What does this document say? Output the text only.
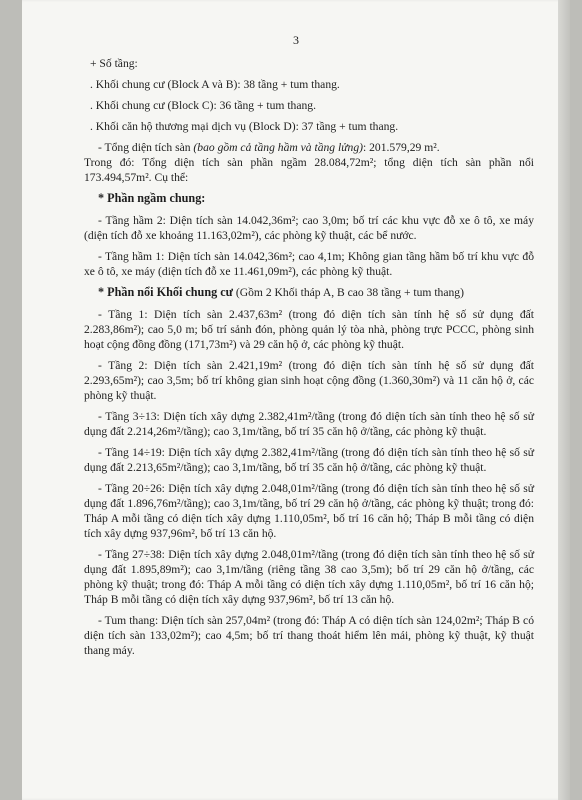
3

+ Số tầng:

. Khối chung cư (Block A và B): 38 tầng + tum thang.

. Khối chung cư (Block C): 36 tầng + tum thang.

. Khối căn hộ thương mại dịch vụ (Block D): 37 tầng + tum thang.

- Tổng diện tích sàn (bao gồm cả tầng hầm và tầng lửng): 201.579,29 m².

Trong đó: Tổng diện tích sàn phần ngầm 28.084,72m²; tổng diện tích sàn phần nổi 173.494,57m². Cụ thể:

* Phần ngầm chung:

- Tầng hầm 2: Diện tích sàn 14.042,36m²; cao 3,0m; bố trí các khu vực đỗ xe ô tô, xe máy (diện tích đỗ xe khoảng 11.163,02m²), các phòng kỹ thuật, các bể nước.

- Tầng hầm 1: Diện tích sàn 14.042,36m²; cao 4,1m; Không gian tầng hầm bố trí khu vực đỗ xe ô tô, xe máy (diện tích đỗ xe 11.461,09m²), các phòng kỹ thuật.

* Phần nổi Khối chung cư (Gồm 2 Khối tháp A, B cao 38 tầng + tum thang)

- Tầng 1: Diện tích sàn 2.437,63m² (trong đó diện tích sàn tính hệ số sử dụng đất 2.283,86m²); cao 5,0 m; bố trí sảnh đón, phòng quản lý tòa nhà, phòng trực PCCC, phòng sinh hoạt cộng đồng đồng (171,73m²) và 29 căn hộ ở, các phòng kỹ thuật.

- Tầng 2: Diện tích sàn 2.421,19m² (trong đó diện tích sàn tính hệ số sử dụng đất 2.293,65m²); cao 3,5m; bố trí không gian sinh hoạt cộng đồng (1.360,30m²) và 11 căn hộ ở, các phòng kỹ thuật.

- Tầng 3÷13: Diện tích xây dựng 2.382,41m²/tầng (trong đó diện tích sàn tính theo hệ số sử dụng đất 2.214,26m²/tầng); cao 3,1m/tầng, bố trí 35 căn hộ ở/tầng, các phòng kỹ thuật.

- Tầng 14÷19: Diện tích xây dựng 2.382,41m²/tầng (trong đó diện tích sàn tính theo hệ số sử dụng đất 2.213,65m²/tầng); cao 3,1m/tầng, bố trí 35 căn hộ ở/tầng, các phòng kỹ thuật.

- Tầng 20÷26: Diện tích xây dựng 2.048,01m²/tầng (trong đó diện tích sàn tính theo hệ số sử dụng đất 1.896,76m²/tầng); cao 3,1m/tầng, bố trí 29 căn hộ ở/tầng, các phòng kỹ thuật; trong đó: Tháp A mỗi tầng có diện tích xây dựng 1.110,05m², bố trí 16 căn hộ; Tháp B mỗi tầng có diện tích xây dựng 937,96m², bố trí 13 căn hộ.

- Tầng 27÷38: Diện tích xây dựng 2.048,01m²/tầng (trong đó diện tích sàn tính theo hệ số sử dụng đất 1.895,89m²); cao 3,1m/tầng (riêng tầng 38 cao 3,5m); bố trí 29 căn hộ ở/tầng, các phòng kỹ thuật; trong đó: Tháp A mỗi tầng có diện tích xây dựng 1.110,05m², bố trí 16 căn hộ; Tháp B mỗi tầng có diện tích xây dựng 937,96m², bố trí 13 căn hộ.

- Tum thang: Diện tích sàn 257,04m² (trong đó: Tháp A có diện tích sàn 124,02m²; Tháp B có diện tích sàn 133,02m²); cao 4,5m; bố trí thang thoát hiểm lên mái, phòng kỹ thuật, kỹ thuật thang máy.
